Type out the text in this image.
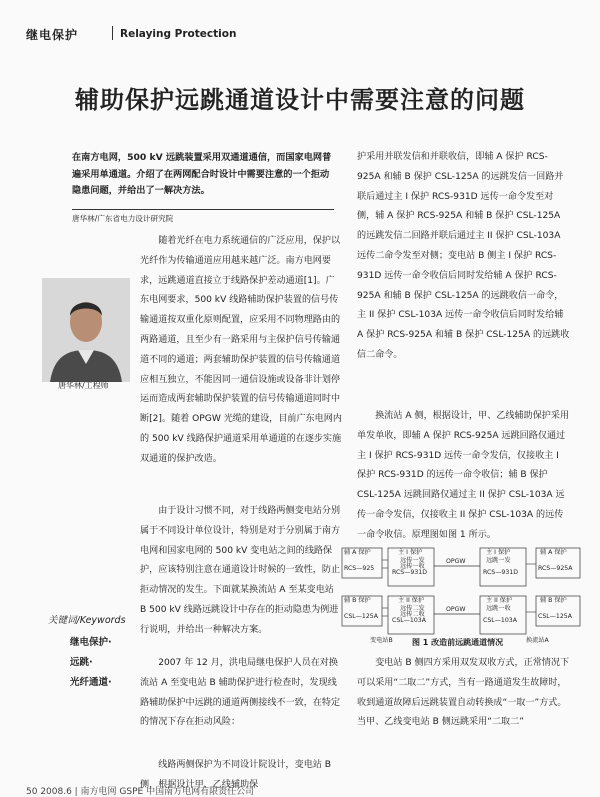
继电保护	Relaying Protection
辅助保护远跳通道设计中需要注意的问题
在南方电网，500 kV 远跳装置采用双通道通信，而国家电网普遍采用单通道。介绍了在两网配合时设计中需要注意的一个拒动隐患问题，并给出了一解决方法。
唐华林/广东省电力设计研究院
唐华林/工程师
随着光纤在电力系统通信的广泛应用，保护以光纤作为传输通道应用越来越广泛。南方电网要求，远跳通道直接立于线路保护差动通道[1]。广东电网要求，500 kV 线路辅助保护装置的信号传输通道按双重化原则配置，应采用不同物理路由的两路通道，且至少有一路采用与主保护信号传输通道不同的通道；两套辅助保护装置的信号传输通道应相互独立，不能因同一通信设施或设备非计划停运而造成两套辅助保护装置的信号传输通道同时中断[2]。随着 OPGW 光缆的建设，目前广东电网内的 500 kV 线路保护通道采用单通道的在逐步实施双通道的保护改造。
由于设计习惯不同，对于线路两侧变电站分别属于不同设计单位设计，特别是对于分别属于南方电网和国家电网的 500 kV 变电站之间的线路保护，应该特别注意在通道设计时候的一致性，防止拒动情况的发生。下面就某换流站 A 至某变电站 B 500 kV 线路远跳设计中存在的拒动隐患为例进行说明，并给出一种解决方案。
2007 年 12 月，洪电局继电保护人员在对换流站 A 至变电站 B 辅助保护进行检查时，发现线路辅助保护中远跳的通道两侧接线不一致，在特定的情况下存在拒动风险：
线路两侧保护为不同设计院设计，变电站 B 侧，根据设计甲、乙线辅助保
关键词/Keywords
继电保护·
远跳·
光纤通道·
护采用并联发信和并联收信，即辅 A 保护 RCS-925A 和辅 B 保护 CSL-125A 的远跳发信一回路并联后通过主 I 保护 RCS-931D 远传一命令发至对侧，辅 A 保护 RCS-925A 和辅 B 保护 CSL-125A 的远跳发信二回路并联后通过主 II 保护 CSL-103A 远传二命令发至对侧；变电站 B 侧主 I 保护 RCS-931D 远传一命令收信后同时发给辅 A 保护 RCS-925A 和辅 B 保护 CSL-125A 的远跳收信一命令，主 II 保护 CSL-103A 远传一命令收信后同时发给辅 A 保护 RCS-925A 和辅 B 保护 CSL-125A 的远跳收信二命令。
换流站 A 侧，根据设计，甲、乙线辅助保护采用单发单收，即辅 A 保护 RCS-925A 远跳回路仅通过主 I 保护 RCS-931D 远传一命令发信，仅接收主 I 保护 RCS-931D 的远传一命令收信；辅 B 保护 CSL-125A 远跳回路仅通过主 II 保护 CSL-103A 远传一命令发信，仅接收主 II 保护 CSL-103A 的远传一命令收信。原理图如图 1 所示。
变电站 B 侧四方采用双发双收方式，正常情况下可以采用“二取二”方式，当有一路通道发生故障时，收到通道故障后远跳装置自动转换成“一取一”方式。当甲、乙线变电站 B 侧远跳采用“二取二”
辅 A 保护	主 I 保护
辅 B 保护	主 II 保护
RCS—925
RCS—931D
CSL—125A
CSL—103A
远传一发
远传一收
远传二发
远传二收
OPGW
OPGW
主 I 保护	辅 A 保护
主 II 保护	辅 B 保护
RCS—931D
RCS—925A
CSL—103A
CSL—125A
远跳一发
远跳一收
变电站B	换流站A
图 1 改造前远跳通道情况
50 2008.6 | 南方电网 GSPE 中国南方电网有限责任公司
